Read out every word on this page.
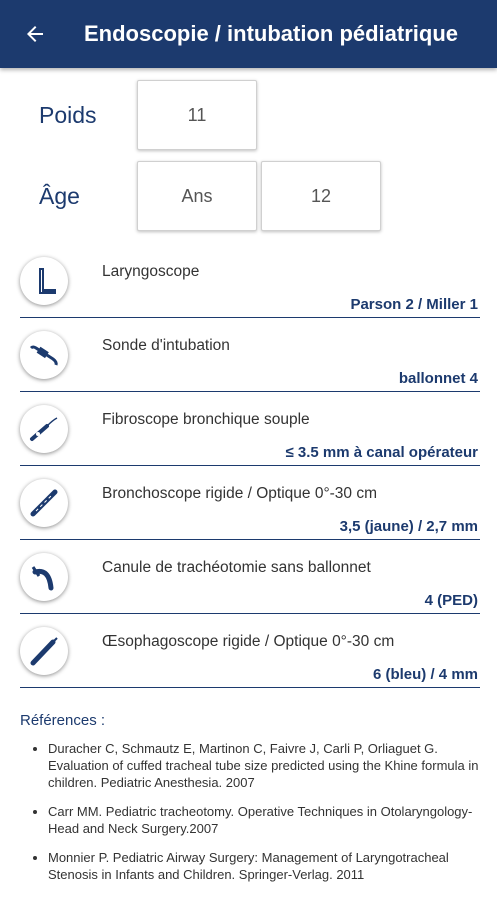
Endoscopie / intubation pédiatrique
Poids	11
Âge	Ans	12
Laryngoscope
Parson 2 / Miller 1
Sonde d'intubation
ballonnet 4
Fibroscope bronchique souple
≤ 3.5 mm à canal opérateur
Bronchoscope rigide / Optique 0°-30 cm
3,5 (jaune) / 2,7 mm
Canule de trachéotomie sans ballonnet
4 (PED)
Œsophagoscope rigide / Optique 0°-30 cm
6 (bleu) / 4 mm
Références :
• Duracher C, Schmautz E, Martinon C, Faivre J, Carli P, Orliaguet G. Evaluation of cuffed tracheal tube size predicted using the Khine formula in children. Pediatric Anesthesia. 2007
• Carr MM. Pediatric tracheotomy. Operative Techniques in Otolaryngology-Head and Neck Surgery.2007
• Monnier P. Pediatric Airway Surgery: Management of Laryngotracheal Stenosis in Infants and Children. Springer-Verlag. 2011
